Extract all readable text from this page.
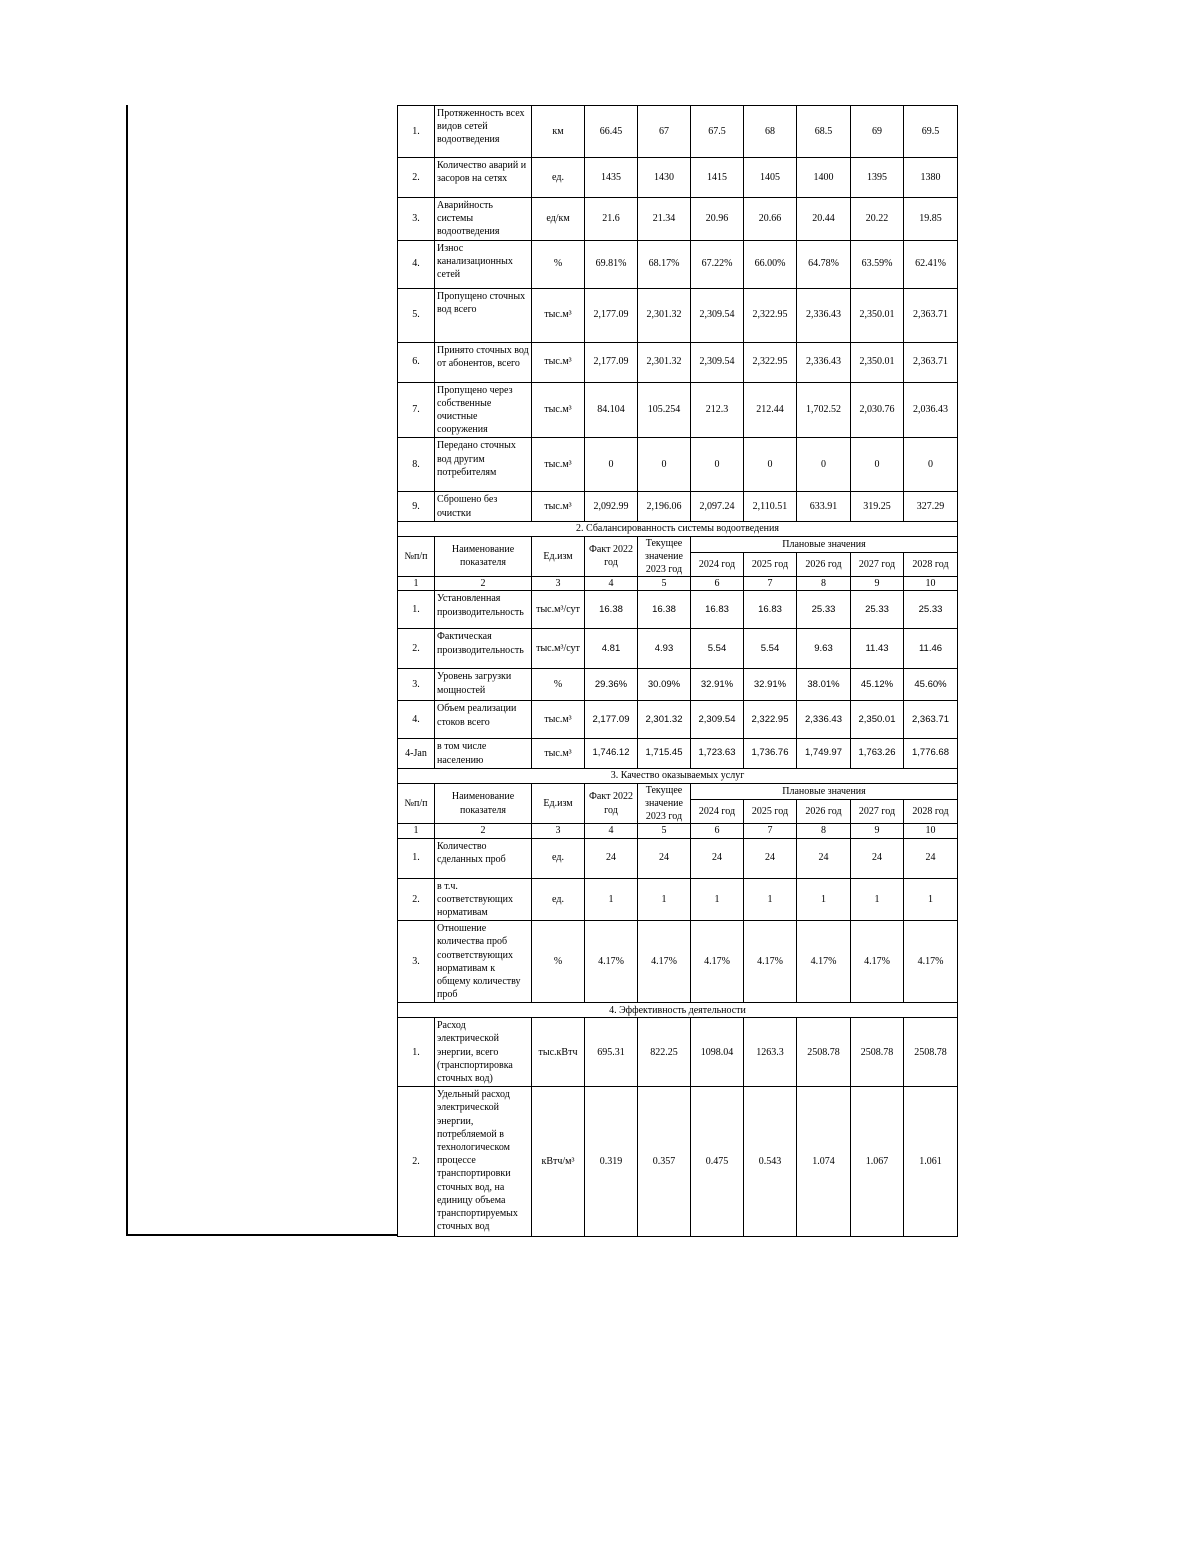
1.	Протяженность всех видов сетей водоотведения	км	66.45	67	67.5	68	68.5	69	69.5
2.	Количество аварий и засоров на сетях	ед.	1435	1430	1415	1405	1400	1395	1380
3.	Аварийность системы водоотведения	ед/км	21.6	21.34	20.96	20.66	20.44	20.22	19.85
4.	Износ канализационных сетей	%	69.81%	68.17%	67.22%	66.00%	64.78%	63.59%	62.41%
5.	Пропущено сточных вод всего	тыс.м³	2,177.09	2,301.32	2,309.54	2,322.95	2,336.43	2,350.01	2,363.71
6.	Принято сточных вод от абонентов, всего	тыс.м³	2,177.09	2,301.32	2,309.54	2,322.95	2,336.43	2,350.01	2,363.71
7.	Пропущено через собственные очистные сооружения	тыс.м³	84.104	105.254	212.3	212.44	1,702.52	2,030.76	2,036.43
8.	Передано сточных вод другим потребителям	тыс.м³	0	0	0	0	0	0	0
9.	Сброшено без очистки	тыс.м³	2,092.99	2,196.06	2,097.24	2,110.51	633.91	319.25	327.29
2. Сбалансированность системы водоотведения									
№п/п	Наименование показателя	Ед.изм	Факт 2022 год	Текущее значение 2023 год	Плановые значения				
					2024 год	2025 год	2026 год	2027 год	2028 год
1	2	3	4	5	6	7	8	9	10
1.	Установленная производительность	тыс.м³/сут	16.38	16.38	16.83	16.83	25.33	25.33	25.33
2.	Фактическая производительность	тыс.м³/сут	4.81	4.93	5.54	5.54	9.63	11.43	11.46
3.	Уровень загрузки мощностей	%	29.36%	30.09%	32.91%	32.91%	38.01%	45.12%	45.60%
4.	Объем реализации стоков всего	тыс.м³	2,177.09	2,301.32	2,309.54	2,322.95	2,336.43	2,350.01	2,363.71
4-Jan	в том числе населению	тыс.м³	1,746.12	1,715.45	1,723.63	1,736.76	1,749.97	1,763.26	1,776.68
3. Качество оказываемых услуг									
№п/п	Наименование показателя	Ед.изм	Факт 2022 год	Текущее значение 2023 год	Плановые значения				
					2024 год	2025 год	2026 год	2027 год	2028 год
1	2	3	4	5	6	7	8	9	10
1.	Количество сделанных проб	ед.	24	24	24	24	24	24	24
2.	в т.ч. соответствующих нормативам	ед.	1	1	1	1	1	1	1
3.	Отношение количества проб соответствующих нормативам к общему количеству проб	%	4.17%	4.17%	4.17%	4.17%	4.17%	4.17%	4.17%
4. Эффективность деятельности									
1.	Расход электрической энергии, всего (транспортировка сточных вод)	тыс.кВтч	695.31	822.25	1098.04	1263.3	2508.78	2508.78	2508.78
2.	Удельный расход электрической энергии, потребляемой в технологическом процессе транспортировки сточных вод, на единицу объема транспортируемых сточных вод	кВтч/м³	0.319	0.357	0.475	0.543	1.074	1.067	1.061
